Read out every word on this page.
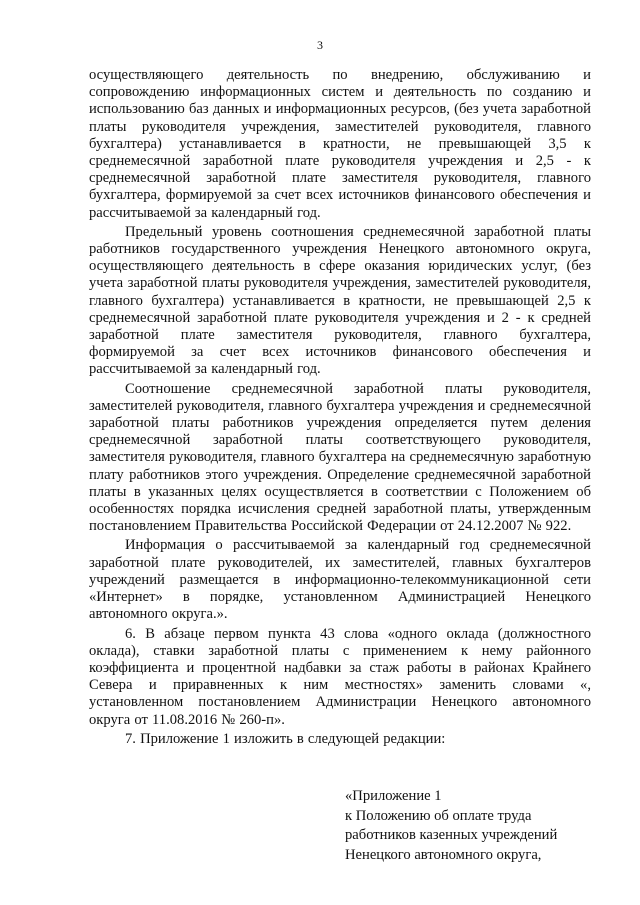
3

осуществляющего деятельность по внедрению, обслуживанию и сопровождению информационных систем и деятельность по созданию и использованию баз данных и информационных ресурсов, (без учета заработной платы руководителя учреждения, заместителей руководителя, главного бухгалтера) устанавливается в кратности, не превышающей 3,5 к среднемесячной заработной плате руководителя учреждения и 2,5 - к среднемесячной заработной плате заместителя руководителя, главного бухгалтера, формируемой за счет всех источников финансового обеспечения и рассчитываемой за календарный год.

Предельный уровень соотношения среднемесячной заработной платы работников государственного учреждения Ненецкого автономного округа, осуществляющего деятельность в сфере оказания юридических услуг, (без учета заработной платы руководителя учреждения, заместителей руководителя, главного бухгалтера) устанавливается в кратности, не превышающей 2,5 к среднемесячной заработной плате руководителя учреждения и 2 - к средней заработной плате заместителя руководителя, главного бухгалтера, формируемой за счет всех источников финансового обеспечения и рассчитываемой за календарный год.

Соотношение среднемесячной заработной платы руководителя, заместителей руководителя, главного бухгалтера учреждения и среднемесячной заработной платы работников учреждения определяется путем деления среднемесячной заработной платы соответствующего руководителя, заместителя руководителя, главного бухгалтера на среднемесячную заработную плату работников этого учреждения. Определение среднемесячной заработной платы в указанных целях осуществляется в соответствии с Положением об особенностях порядка исчисления средней заработной платы, утвержденным постановлением Правительства Российской Федерации от 24.12.2007 № 922.

Информация о рассчитываемой за календарный год среднемесячной заработной плате руководителей, их заместителей, главных бухгалтеров учреждений размещается в информационно-телекоммуникационной сети «Интернет» в порядке, установленном Администрацией Ненецкого автономного округа.».

6. В абзаце первом пункта 43 слова «одного оклада (должностного оклада), ставки заработной платы с применением к нему районного коэффициента и процентной надбавки за стаж работы в районах Крайнего Севера и приравненных к ним местностях» заменить словами «, установленном постановлением Администрации Ненецкого автономного округа от 11.08.2016 № 260-п».

7. Приложение 1 изложить в следующей редакции:

«Приложение 1
к Положению об оплате труда
работников казенных учреждений
Ненецкого автономного округа,
